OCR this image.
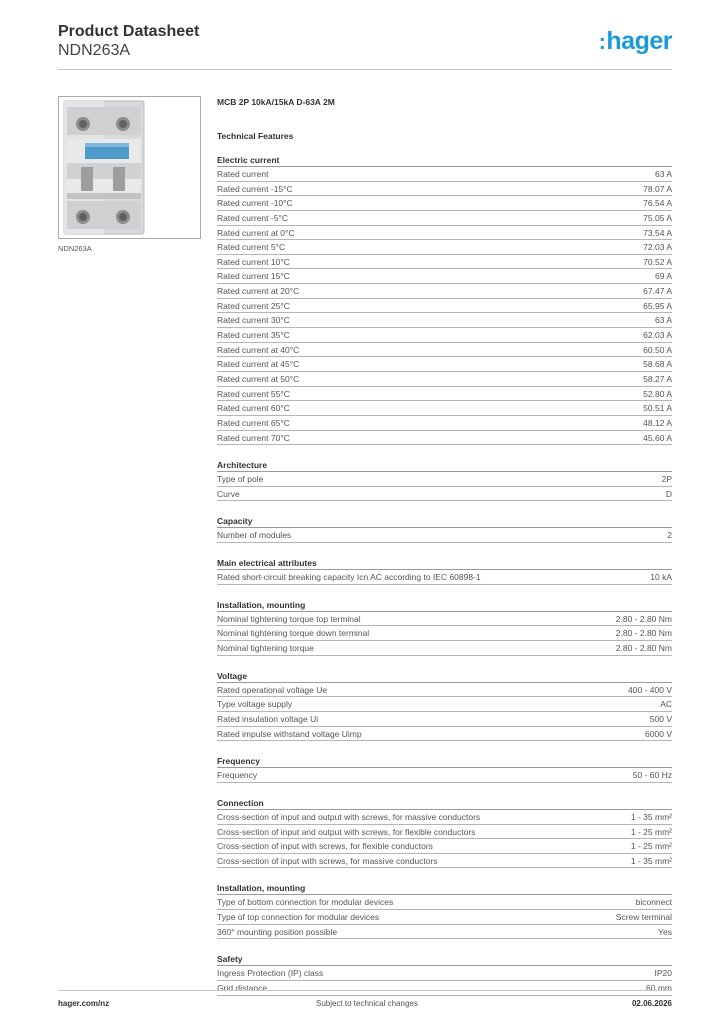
Product Datasheet
NDN263A	:hager
NDN263A
MCB 2P 10kA/15kA D-63A 2M
Technical Features
Electric current
Rated current	63 A
Rated current -15°C	78.07 A
Rated current -10°C	76.54 A
Rated current -5°C	75.05 A
Rated current at 0°C	73.54 A
Rated current 5°C	72.03 A
Rated current 10°C	70.52 A
Rated current 15°C	69 A
Rated current at 20°C	67.47 A
Rated current 25°C	65.95 A
Rated current 30°C	63 A
Rated current 35°C	62.03 A
Rated current at 40°C	60.50 A
Rated current at 45°C	58.68 A
Rated current at 50°C	58.27 A
Rated current 55°C	52.80 A
Rated current 60°C	50.51 A
Rated current 65°C	48.12 A
Rated current 70°C	45.60 A
Architecture
Type of pole	2P
Curve	D
Capacity
Number of modules	2
Main electrical attributes
Rated short-circuit breaking capacity Icn AC according to IEC 60898-1	10 kA
Installation, mounting
Nominal tightening torque top terminal	2.80 - 2.80 Nm
Nominal tightening torque down terminal	2.80 - 2.80 Nm
Nominal tightening torque	2.80 - 2.80 Nm
Voltage
Rated operational voltage Ue	400 - 400 V
Type voltage supply	AC
Rated insulation voltage Ui	500 V
Rated impulse withstand voltage Uimp	6000 V
Frequency
Frequency	50 - 60 Hz
Connection
Cross-section of input and output with screws, for massive conductors	1 - 35 mm²
Cross-section of input and output with screws, for flexible conductors	1 - 25 mm²
Cross-section of input with screws, for flexible conductors	1 - 25 mm²
Cross-section of input with screws, for massive conductors	1 - 35 mm²
Installation, mounting
Type of bottom connection for modular devices	biconnect
Type of top connection for modular devices	Screw terminal
360° mounting position possible	Yes
Safety
Ingress Protection (IP) class	IP20
Grid distance	60 mm
hager.com/nz	Subject to technical changes	02.06.2026
